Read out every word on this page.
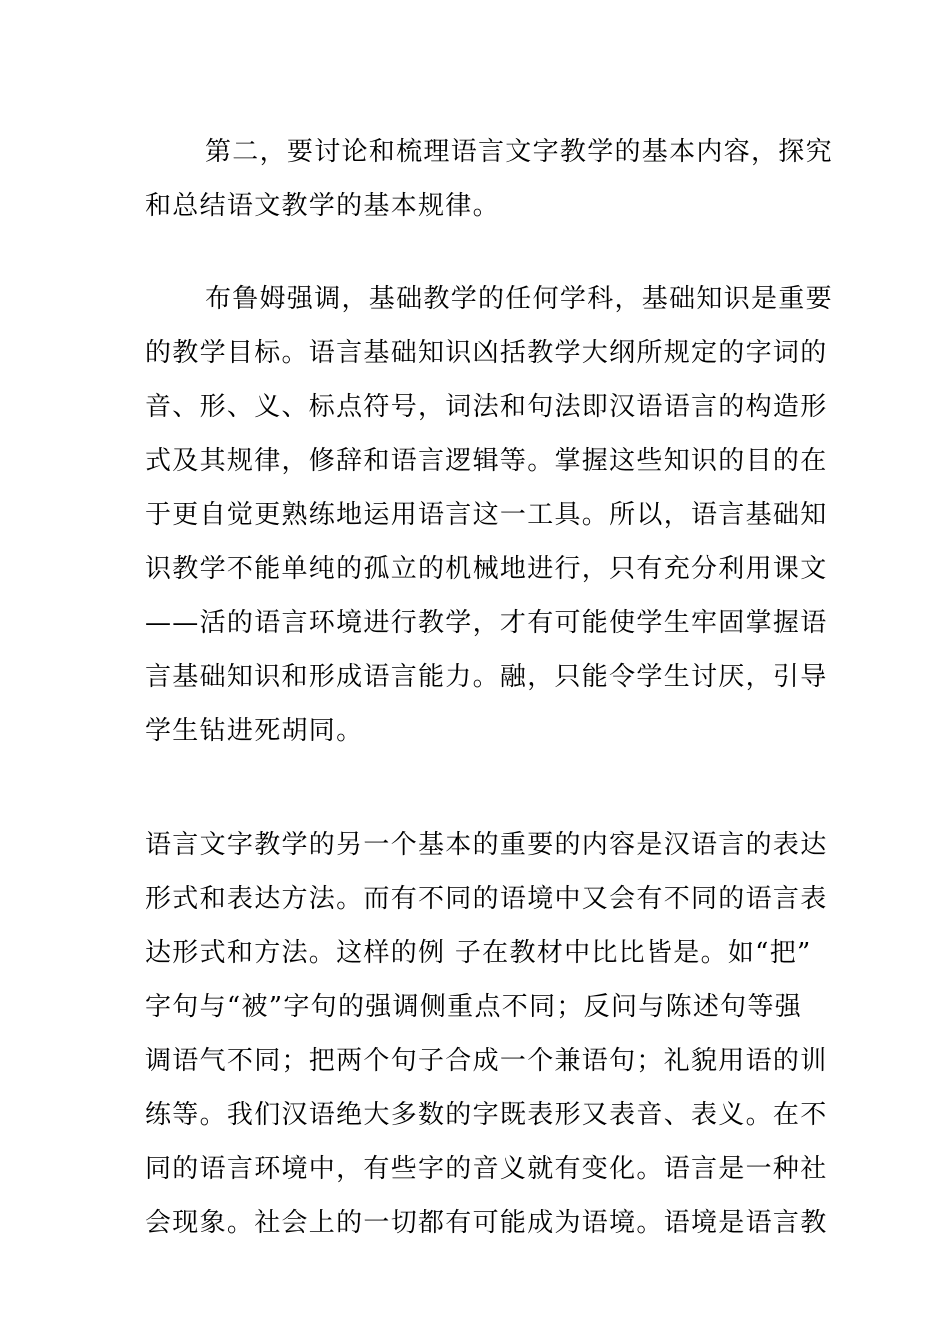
第二，要讨论和梳理语言文字教学的基本内容，探究
和总结语文教学的基本规律。

布鲁姆强调，基础教学的任何学科，基础知识是重要
的教学目标。语言基础知识凶括教学大纲所规定的字词的
音、形、义、标点符号，词法和句法即汉语语言的构造形
式及其规律，修辞和语言逻辑等。掌握这些知识的目的在
于更自觉更熟练地运用语言这一工具。所以，语言基础知
识教学不能单纯的孤立的机械地进行，只有充分利用课文
——活的语言环境进行教学，才有可能使学生牢固掌握语
言基础知识和形成语言能力。融，只能令学生讨厌，引导
学生钻进死胡同。

语言文字教学的另一个基本的重要的内容是汉语言的表达
形式和表达方法。而有不同的语境中又会有不同的语言表
达形式和方法。这样的例 子在教材中比比皆是。如“把”
字句与“被”字句的强调侧重点不同；反问与陈述句等强
调语气不同；把两个句子合成一个兼语句；礼貌用语的训
练等。我们汉语绝大多数的字既表形又表音、表义。在不
同的语言环境中，有些字的音义就有变化。语言是一种社
会现象。社会上的一切都有可能成为语境。语境是语言教
